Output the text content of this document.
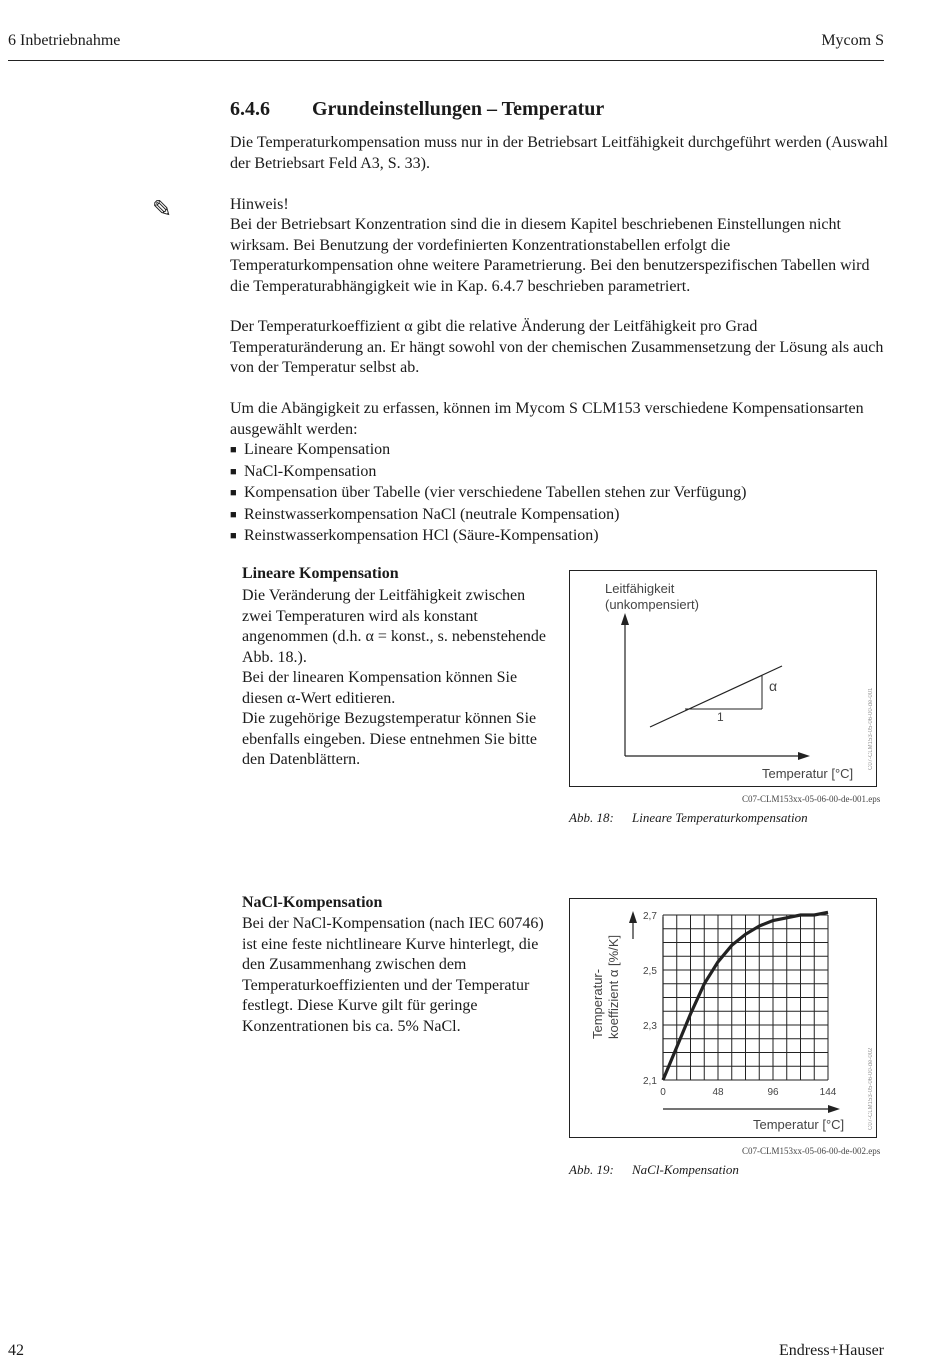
6 Inbetriebnahme	Mycom S
6.4.6 Grundeinstellungen – Temperatur

Die Temperaturkompensation muss nur in der Betriebsart Leitfähigkeit durchgeführt werden (Auswahl der Betriebsart Feld A3, S. 33).

✎	Hinweis!

Bei der Betriebsart Konzentration sind die in diesem Kapitel beschriebenen Einstellungen nicht wirksam. Bei Benutzung der vordefinierten Konzentrationstabellen erfolgt die Temperaturkompensation ohne weitere Parametrierung. Bei den benutzerspezifischen Tabellen wird die Temperaturabhängigkeit wie in Kap. 6.4.7 beschrieben parametriert.

Der Temperaturkoeffizient α gibt die relative Änderung der Leitfähigkeit pro Grad Temperaturänderung an. Er hängt sowohl von der chemischen Zusammensetzung der Lösung als auch von der Temperatur selbst ab.

Um die Abängigkeit zu erfassen, können im Mycom S CLM153 verschiedene Kompensationsarten ausgewählt werden:

■ Lineare Kompensation
■ NaCl-Kompensation
■ Kompensation über Tabelle (vier verschiedene Tabellen stehen zur Verfügung)
■ Reinstwasserkompensation NaCl (neutrale Kompensation)
■ Reinstwasserkompensation HCl (Säure-Kompensation)
Lineare Kompensation

Die Veränderung der Leitfähigkeit zwischen zwei Temperaturen wird als konstant angenommen (d.h. α = konst., s. nebenstehende Abb. 18.).
Bei der linearen Kompensation können Sie diesen α-Wert editieren.
Die zugehörige Bezugstemperatur können Sie ebenfalls eingeben. Diese entnehmen Sie bitte den Datenblättern.

Leitfähigkeit
(unkompensiert)
1
α
Temperatur [°C]
C07-CLM153-05-06-00-de-001
C07-CLM153xx-05-06-00-de-001.eps
Abb. 18: Lineare Temperaturkompensation
NaCl-Kompensation

Bei der NaCl-Kompensation (nach IEC 60746) ist eine feste nichtlineare Kurve hinterlegt, die den Zusammenhang zwischen dem Temperaturkoeffizienten und der Temperatur festlegt. Diese Kurve gilt für geringe Konzentrationen bis ca. 5% NaCl.

2,1
2,3
2,5
2,7
0	48	96	144
Temperatur- koeffizient α [%/K]
Temperatur [°C]	C07-CLM153-05-06-00-de-002
C07-CLM153xx-05-06-00-de-002.eps
Abb. 19: NaCl-Kompensation
42	Endress+Hauser
